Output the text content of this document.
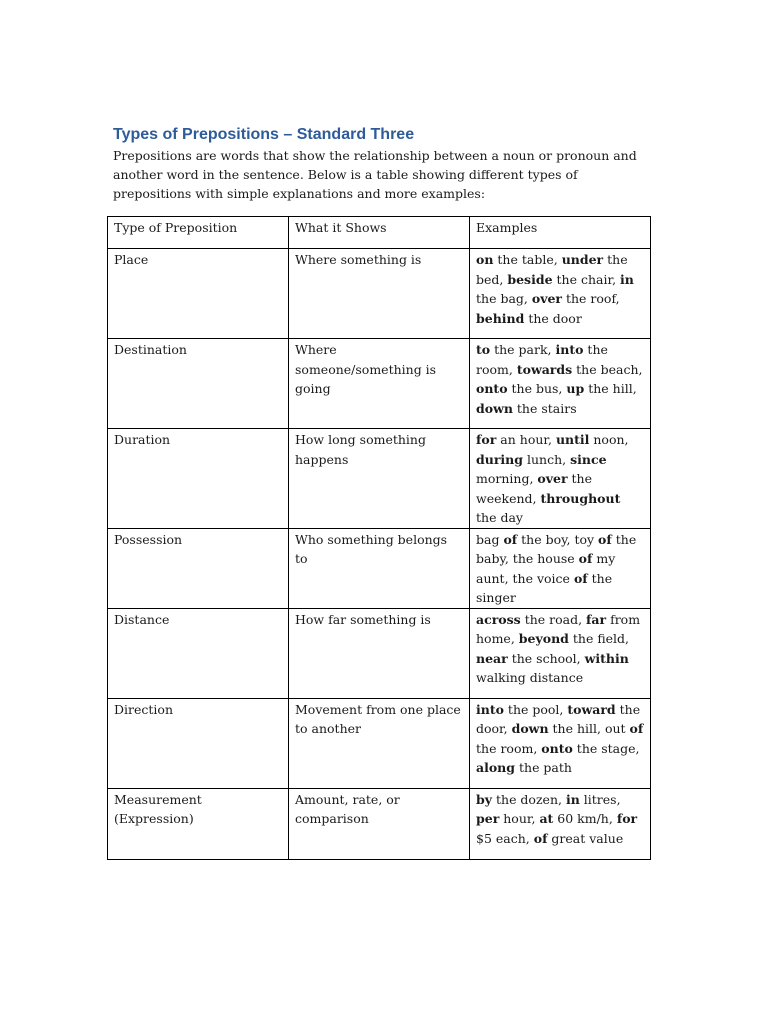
Types of Prepositions – Standard Three

Prepositions are words that show the relationship between a noun or pronoun and another word in the sentence. Below is a table showing different types of prepositions with simple explanations and more examples:

Type of Preposition	What it Shows	Examples
Place	Where something is	on the table, under the bed, beside the chair, in the bag, over the roof, behind the door
Destination	Where someone/something is going	to the park, into the room, towards the beach, onto the bus, up the hill, down the stairs
Duration	How long something happens	for an hour, until noon, during lunch, since morning, over the weekend, throughout the day
Possession	Who something belongs to	bag of the boy, toy of the baby, the house of my aunt, the voice of the singer
Distance	How far something is	across the road, far from home, beyond the field, near the school, within walking distance
Direction	Movement from one place to another	into the pool, toward the door, down the hill, out of the room, onto the stage, along the path
Measurement (Expression)	Amount, rate, or comparison	by the dozen, in litres, per hour, at 60 km/h, for $5 each, of great value
